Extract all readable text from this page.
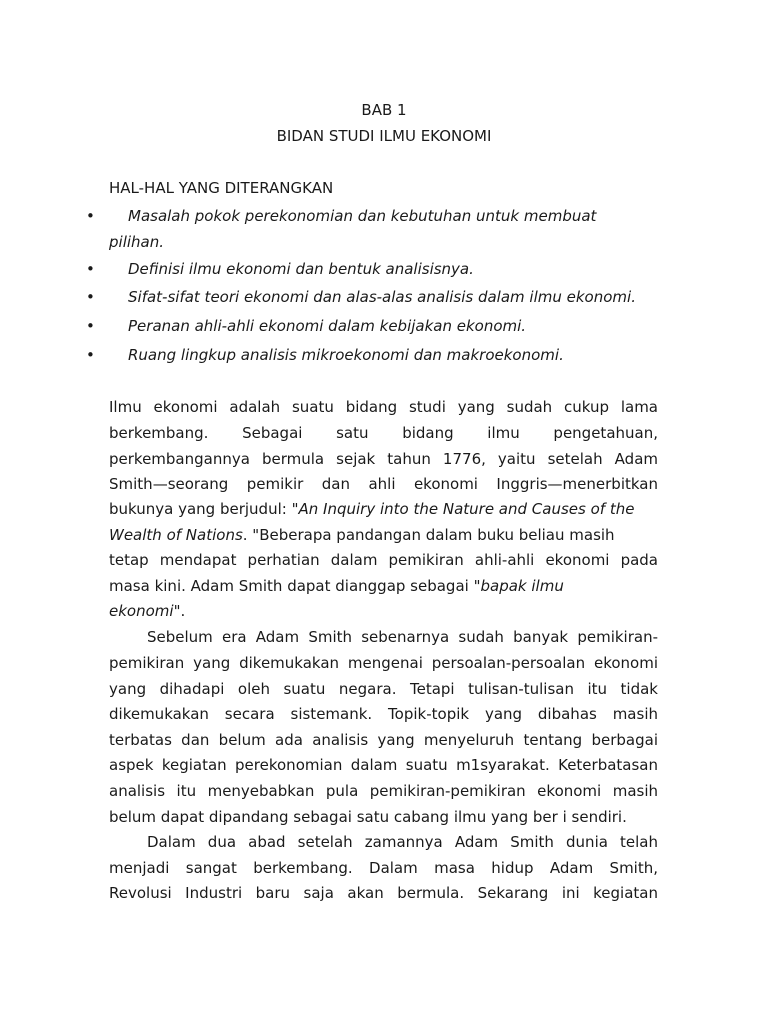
BAB 1
BIDAN STUDI ILMU EKONOMI
HAL-HAL YANG DITERANGKAN
• Masalah pokok perekonomian dan kebutuhan untuk membuat
pilihan.
• Definisi ilmu ekonomi dan bentuk analisisnya.
• Sifat-sifat teori ekonomi dan alas-alas analisis dalam ilmu ekonomi.
• Peranan ahli-ahli ekonomi dalam kebijakan ekonomi.
• Ruang lingkup analisis mikroekonomi dan makroekonomi.
Ilmu ekonomi adalah suatu bidang studi yang sudah cukup lama
berkembang. Sebagai satu bidang ilmu pengetahuan,
perkembangannya bermula sejak tahun 1776, yaitu setelah Adam
Smith—seorang pemikir dan ahli ekonomi Inggris—menerbitkan
bukunya yang berjudul: "An Inquiry into the Nature and Causes of the
Wealth of Nations. "Beberapa pandangan dalam buku beliau masih
tetap mendapat perhatian dalam pemikiran ahli-ahli ekonomi pada
masa kini. Adam Smith dapat dianggap sebagai "bapak ilmu
ekonomi".
Sebelum era Adam Smith sebenarnya sudah banyak pemikiran-
pemikiran yang dikemukakan mengenai persoalan-persoalan ekonomi
yang dihadapi oleh suatu negara. Tetapi tulisan-tulisan itu tidak
dikemukakan secara sistemank. Topik-topik yang dibahas masih
terbatas dan belum ada analisis yang menyeluruh tentang berbagai
aspek kegiatan perekonomian dalam suatu m1syarakat. Keterbatasan
analisis itu menyebabkan pula pemikiran-pemikiran ekonomi masih
belum dapat dipandang sebagai satu cabang ilmu yang ber i sendiri.
Dalam dua abad setelah zamannya Adam Smith dunia telah
menjadi sangat berkembang. Dalam masa hidup Adam Smith,
Revolusi Industri baru saja akan bermula. Sekarang ini kegiatan
